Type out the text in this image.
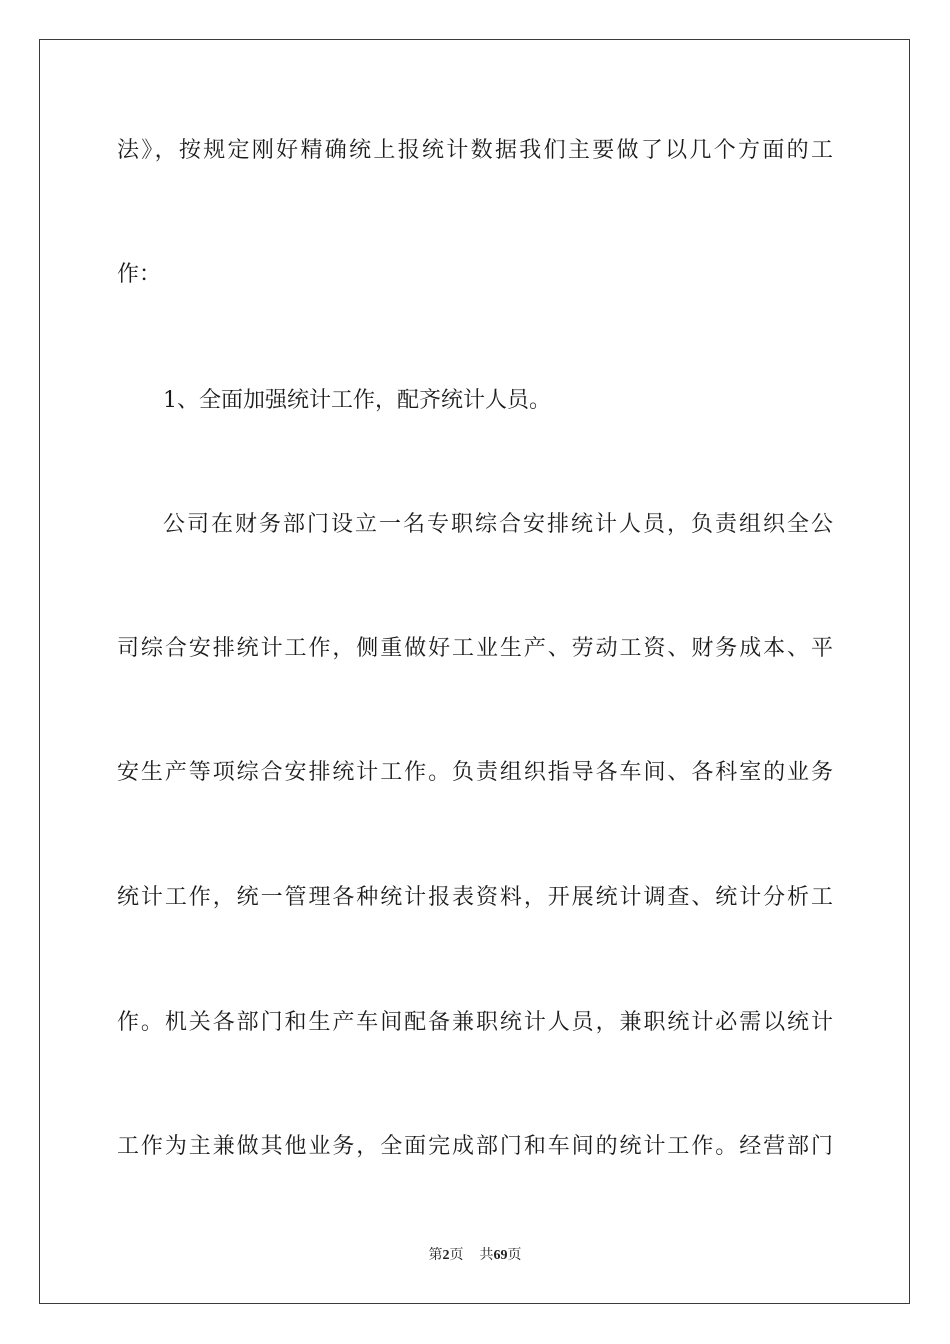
法》，按规定刚好精确统上报统计数据我们主要做了以几个方面的工
作：
1、全面加强统计工作，配齐统计人员。
公司在财务部门设立一名专职综合安排统计人员，负责组织全公
司综合安排统计工作，侧重做好工业生产、劳动工资、财务成本、平
安生产等项综合安排统计工作。负责组织指导各车间、各科室的业务
统计工作，统一管理各种统计报表资料，开展统计调查、统计分析工
作。机关各部门和生产车间配备兼职统计人员，兼职统计必需以统计
工作为主兼做其他业务，全面完成部门和车间的统计工作。经营部门
第2页 共69页
